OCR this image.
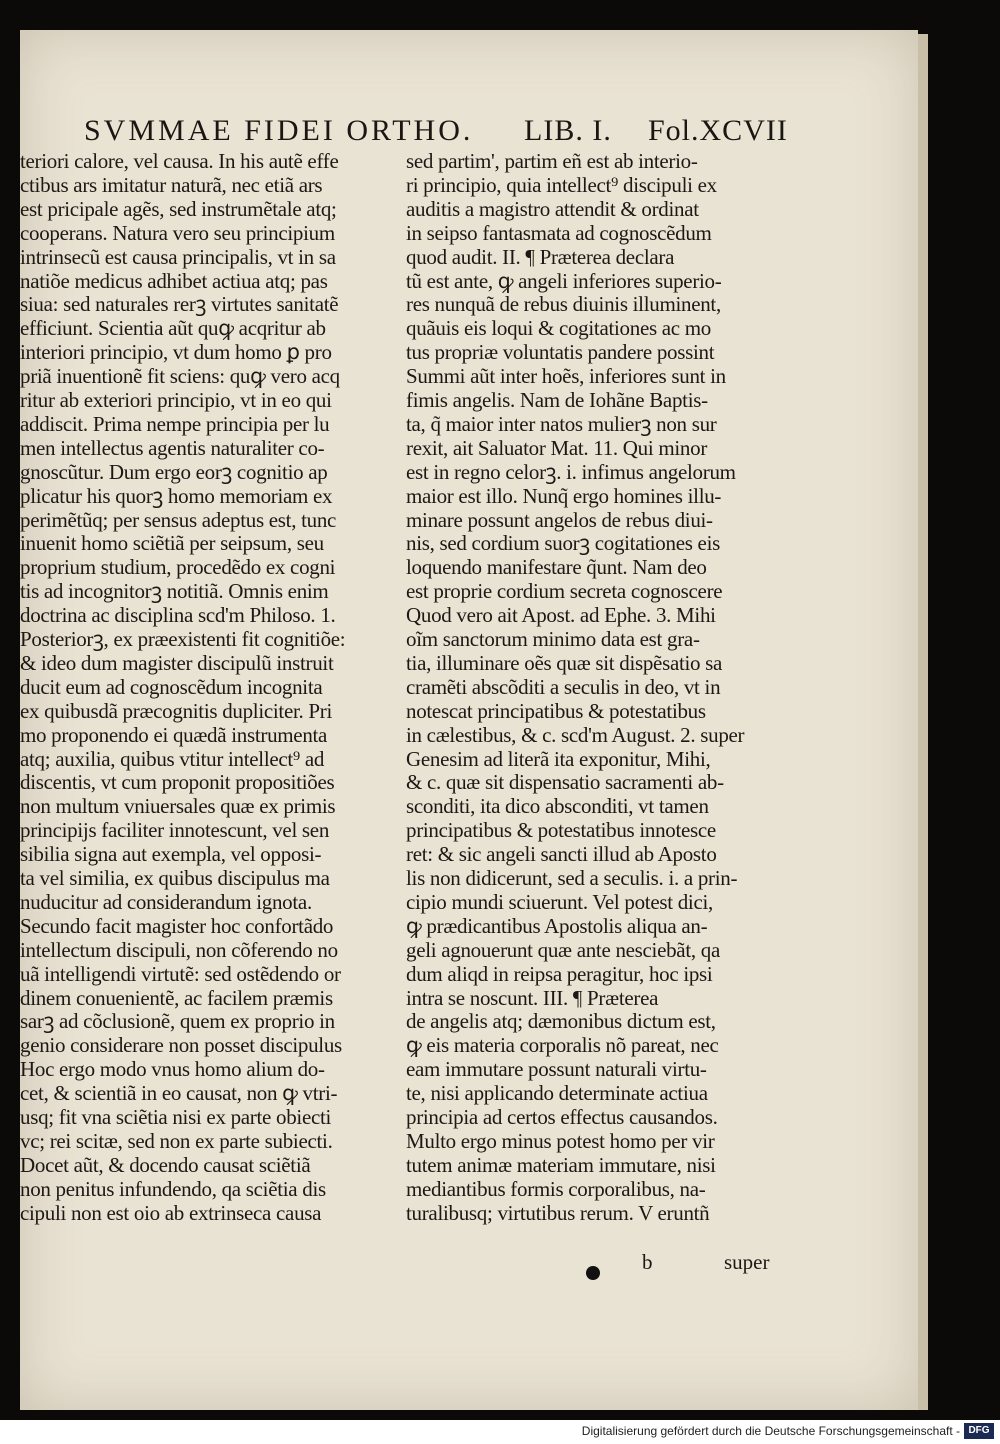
SVMMAE FIDEI ORTHO. LIB. I. Fol.XCVII
teriori calore, vel causa. In his autẽ effe
ctibus ars imitatur naturã, nec etiã ars
est pricipale agẽs, sed instrumẽtale atq;
cooperans. Natura vero seu principium
intrinsecũ est causa principalis, vt in sa
natiõe medicus adhibet actiua atq; pas
siua: sed naturales rerꝫ virtutes sanitatẽ
efficiunt. Scientia aũt quꝙ acqritur ab
interiori principio, vt dum homo ꝑ pro
priã inuentionẽ fit sciens: quꝙ vero acq
ritur ab exteriori principio, vt in eo qui
addiscit. Prima nempe principia per lu
men intellectus agentis naturaliter co-
gnoscũtur. Dum ergo eorꝫ cognitio ap
plicatur his quorꝫ homo memoriam ex
perimẽtũq; per sensus adeptus est, tunc
inuenit homo sciẽtiã per seipsum, seu
proprium studium, procedẽdo ex cogni
tis ad incognitorꝫ notitiã. Omnis enim
doctrina ac disciplina scd'm Philoso. 1.
Posteriorꝫ, ex præexistenti fit cognitiõe:
& ideo dum magister discipulũ instruit
ducit eum ad cognoscẽdum incognita
ex quibusdã præcognitis dupliciter. Pri
mo proponendo ei quædã instrumenta
atq; auxilia, quibus vtitur intellect⁹ ad
discentis, vt cum proponit propositiões
non multum vniuersales quæ ex primis
principijs faciliter innotescunt, vel sen
sibilia signa aut exempla, vel opposi-
ta vel similia, ex quibus discipulus ma
nuducitur ad considerandum ignota.
Secundo facit magister hoc confortãdo
intellectum discipuli, non cõferendo no
uã intelligendi virtutẽ: sed ostẽdendo or
dinem conuenientẽ, ac facilem præmis
sarꝫ ad cõclusionẽ, quem ex proprio in
genio considerare non posset discipulus
Hoc ergo modo vnus homo alium do-
cet, & scientiã in eo causat, non ꝙ vtri-
usq; fit vna sciẽtia nisi ex parte obiecti
vc; rei scitæ, sed non ex parte subiecti.
Docet aũt, & docendo causat sciẽtiã
non penitus infundendo, qa sciẽtia dis
cipuli non est oio ab extrinseca causa
sed partim', partim eñ est ab interio-
ri principio, quia intellect⁹ discipuli ex
auditis a magistro attendit & ordinat
in seipso fantasmata ad cognoscẽdum
quod audit. II. ¶ Præterea declara
tũ est ante, ꝙ angeli inferiores superio-
res nunquã de rebus diuinis illuminent,
quãuis eis loqui & cogitationes ac mo
tus propriæ voluntatis pandere possint
Summi aũt inter hoẽs, inferiores sunt in
fimis angelis. Nam de Iohãne Baptis-
ta, q̃ maior inter natos mulierꝫ non sur
rexit, ait Saluator Mat. 11. Qui minor
est in regno celorꝫ. i. infimus angelorum
maior est illo. Nunq̃ ergo homines illu-
minare possunt angelos de rebus diui-
nis, sed cordium suorꝫ cogitationes eis
loquendo manifestare q̃unt. Nam deo
est proprie cordium secreta cognoscere
Quod vero ait Apost. ad Ephe. 3. Mihi
oĩm sanctorum minimo data est gra-
tia, illuminare oẽs quæ sit dispẽsatio sa
cramẽti abscõditi a seculis in deo, vt in
notescat principatibus & potestatibus
in cælestibus, & c. scd'm August. 2. super
Genesim ad literã ita exponitur, Mihi,
& c. quæ sit dispensatio sacramenti ab-
sconditi, ita dico absconditi, vt tamen
principatibus & potestatibus innotesce
ret: & sic angeli sancti illud ab Aposto
lis non didicerunt, sed a seculis. i. a prin-
cipio mundi sciuerunt. Vel potest dici,
ꝙ prædicantibus Apostolis aliqua an-
geli agnouerunt quæ ante nesciebãt, qa
dum aliqd in reipsa peragitur, hoc ipsi
intra se noscunt. III. ¶ Præterea
de angelis atq; dæmonibus dictum est,
ꝙ eis materia corporalis nõ pareat, nec
eam immutare possunt naturali virtu-
te, nisi applicando determinate actiua
principia ad certos effectus causandos.
Multo ergo minus potest homo per vir
tutem animæ materiam immutare, nisi
mediantibus formis corporalibus, na-
turalibusq; virtutibus rerum. V eruntñ
b	super
Digitalisierung gefördert durch die Deutsche Forschungsgemeinschaft - DFG
